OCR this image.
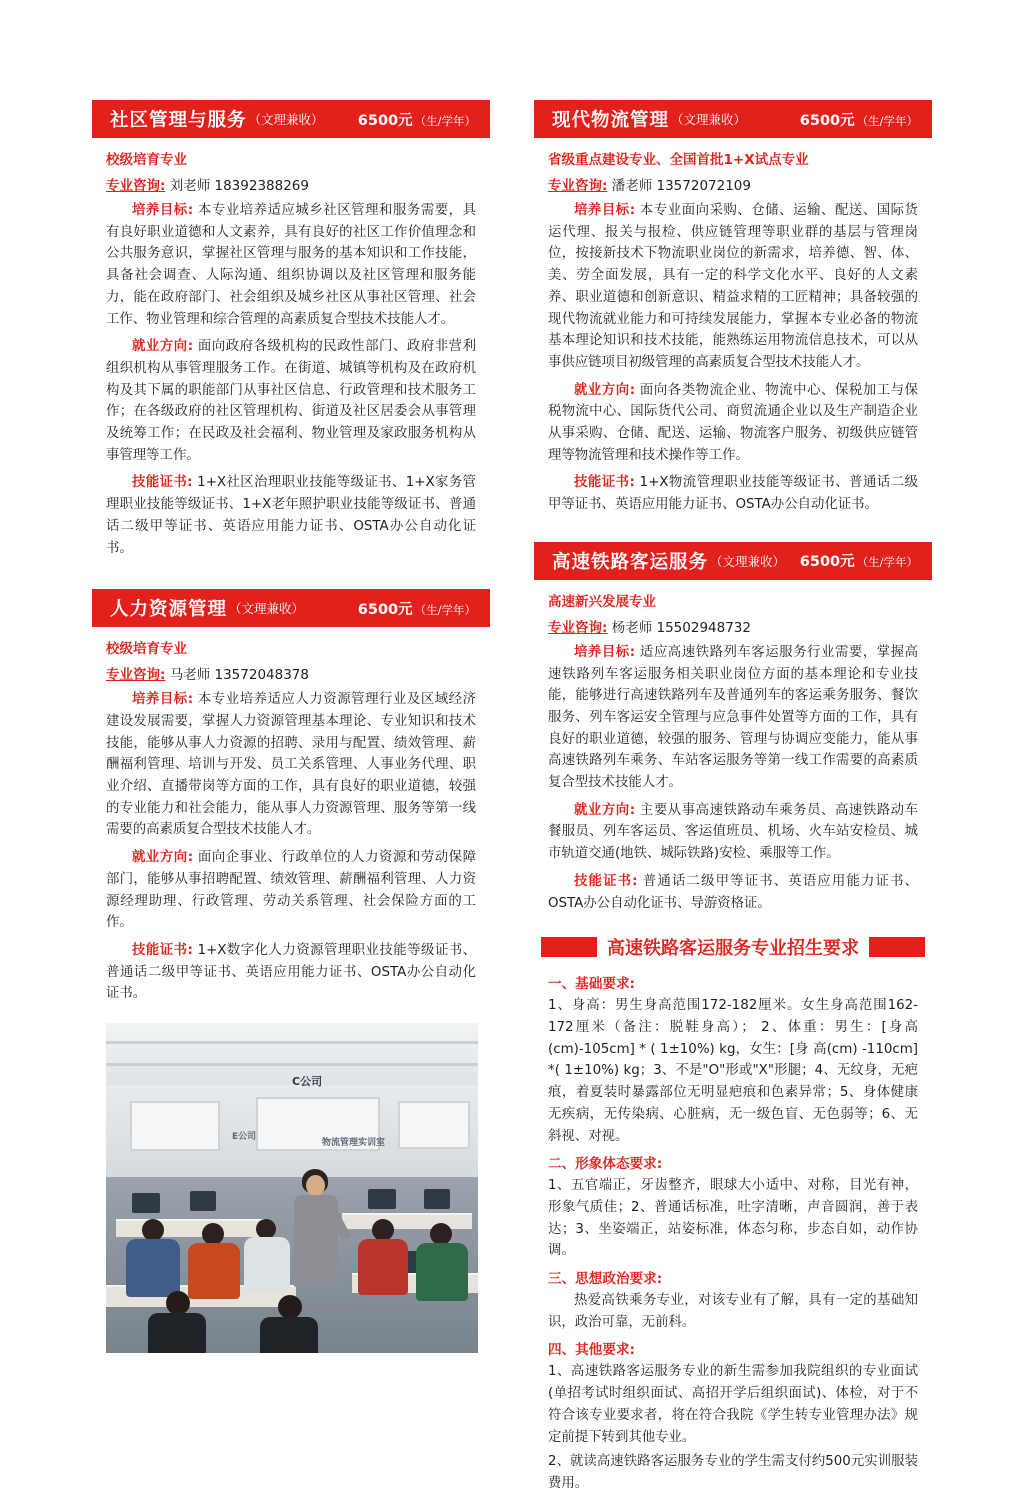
社区管理与服务 （文理兼收） 6500元 （生/学年）
校级培育专业
专业咨询: 刘老师 18392388269

培养目标: 本专业培养适应城乡社区管理和服务需要，具有良好职业道德和人文素养，具有良好的社区工作价值理念和公共服务意识，掌握社区管理与服务的基本知识和工作技能，具备社会调查、人际沟通、组织协调以及社区管理和服务能力，能在政府部门、社会组织及城乡社区从事社区管理、社会工作、物业管理和综合管理的高素质复合型技术技能人才。

就业方向: 面向政府各级机构的民政性部门、政府非营利组织机构从事管理服务工作。在街道、城镇等机构及在政府机构及其下属的职能部门从事社区信息、行政管理和技术服务工作；在各级政府的社区管理机构、街道及社区居委会从事管理及统筹工作；在民政及社会福利、物业管理及家政服务机构从事管理等工作。

技能证书: 1+X社区治理职业技能等级证书、1+X家务管理职业技能等级证书、1+X老年照护职业技能等级证书、普通话二级甲等证书、英语应用能力证书、OSTA办公自动化证书。

人力资源管理 （文理兼收）	6500元 （生/学年）
校级培育专业
专业咨询: 马老师 13572048378

培养目标: 本专业培养适应人力资源管理行业及区域经济建设发展需要，掌握人力资源管理基本理论、专业知识和技术技能，能够从事人力资源的招聘、录用与配置、绩效管理、薪酬福利管理、培训与开发、员工关系管理、人事业务代理、职业介绍、直播带岗等方面的工作，具有良好的职业道德，较强的专业能力和社会能力，能从事人力资源管理、服务等第一线需要的高素质复合型技术技能人才。

就业方向: 面向企事业、行政单位的人力资源和劳动保障部门，能够从事招聘配置、绩效管理、薪酬福利管理、人力资源经理助理、行政管理、劳动关系管理、社会保险方面的工作。

技能证书: 1+X数字化人力资源管理职业技能等级证书、普通话二级甲等证书、英语应用能力证书、OSTA办公自动化证书。

C公司
E公司
物流管理实训室
现代物流管理 （文理兼收）	6500元 （生/学年）
省级重点建设专业、全国首批1+X试点专业
专业咨询: 潘老师 13572072109

培养目标: 本专业面向采购、仓储、运输、配送、国际货运代理、报关与报检、供应链管理等职业群的基层与管理岗位，按接新技术下物流职业岗位的新需求，培养德、智、体、美、劳全面发展，具有一定的科学文化水平、良好的人文素养、职业道德和创新意识、精益求精的工匠精神；具备较强的现代物流就业能力和可持续发展能力，掌握本专业必备的物流基本理论知识和技术技能，能熟练运用物流信息技术，可以从事供应链项目初级管理的高素质复合型技术技能人才。

就业方向: 面向各类物流企业、物流中心、保税加工与保税物流中心、国际货代公司、商贸流通企业以及生产制造企业从事采购、仓储、配送、运输、物流客户服务、初级供应链管理等物流管理和技术操作等工作。

技能证书: 1+X物流管理职业技能等级证书、普通话二级甲等证书、英语应用能力证书、OSTA办公自动化证书。

高速铁路客运服务 （文理兼收） 6500元 （生/学年）
高速新兴发展专业
专业咨询: 杨老师 15502948732

培养目标: 适应高速铁路列车客运服务行业需要，掌握高速铁路列车客运服务相关职业岗位方面的基本理论和专业技能，能够进行高速铁路列车及普通列车的客运乘务服务、餐饮服务、列车客运安全管理与应急事件处置等方面的工作，具有良好的职业道德，较强的服务、管理与协调应变能力，能从事高速铁路列车乘务、车站客运服务等第一线工作需要的高素质复合型技术技能人才。

就业方向: 主要从事高速铁路动车乘务员、高速铁路动车餐服员、列车客运员、客运值班员、机场、火车站安检员、城市轨道交通(地铁、城际铁路)安检、乘服等工作。

技能证书: 普通话二级甲等证书、英语应用能力证书、OSTA办公自动化证书、导游资格证。

高速铁路客运服务专业招生要求
一、基础要求:

1、身高：男生身高范围172-182厘米。女生身高范围162-172厘米（备注：脱鞋身高）； 2、体重：男生：[身高(cm)-105cm] * ( 1±10%) kg，女生：[身 高(cm) -110cm] *( 1±10%) kg；3、不是"O"形或"X"形腿；4、无纹身，无疤痕，着夏装时暴露部位无明显疤痕和色素异常；5、身体健康无疾病，无传染病、心脏病，无一级色盲、无色弱等；6、无斜视、对视。

二、形象体态要求:

1、五官端正，牙齿整齐，眼球大小适中、对称，目光有神，形象气质佳；2、普通话标准，吐字清晰，声音圆润，善于表达；3、坐姿端正，站姿标准，体态匀称，步态自如，动作协调。

三、思想政治要求:

热爱高铁乘务专业，对该专业有了解，具有一定的基础知识，政治可靠，无前科。

四、其他要求:

1、高速铁路客运服务专业的新生需参加我院组织的专业面试(单招考试时组织面试、高招开学后组织面试)、体检，对于不符合该专业要求者，将在符合我院《学生转专业管理办法》规定前提下转到其他专业。

2、就读高速铁路客运服务专业的学生需支付约500元实训服装费用。
